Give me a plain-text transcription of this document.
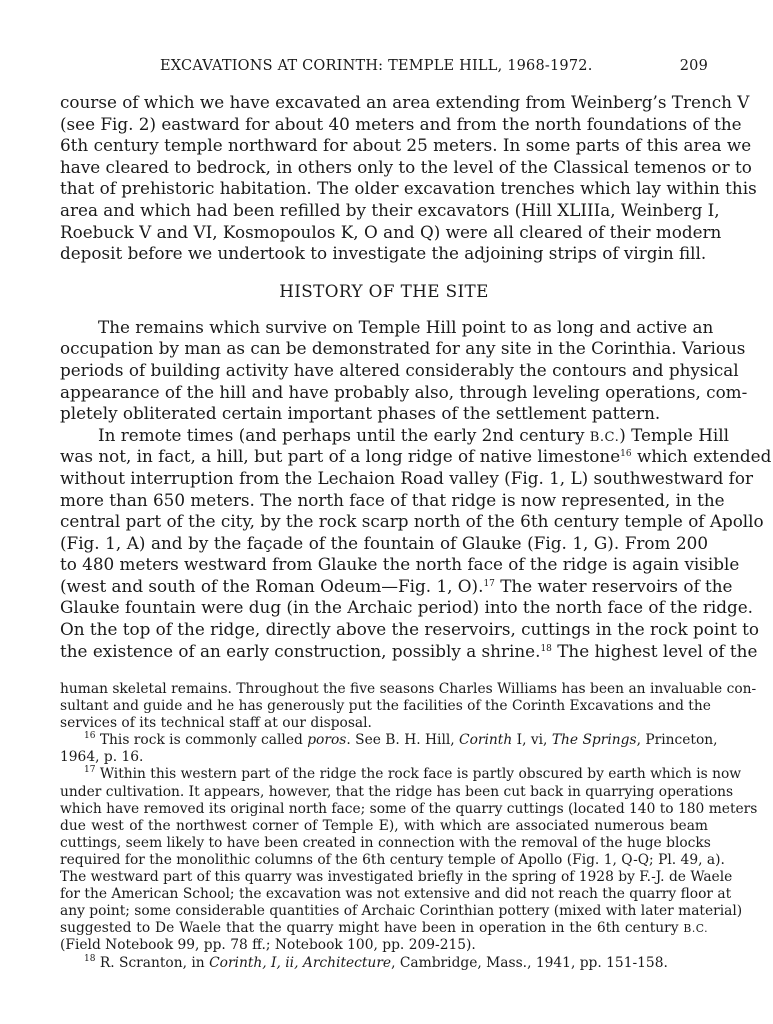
EXCAVATIONS AT CORINTH: TEMPLE HILL, 1968-1972.	209
course of which we have excavated an area extending from Weinberg’s Trench V
(see Fig. 2) eastward for about 40 meters and from the north foundations of the
6th century temple northward for about 25 meters. In some parts of this area we
have cleared to bedrock, in others only to the level of the Classical temenos or to
that of prehistoric habitation. The older excavation trenches which lay within this
area and which had been refilled by their excavators (Hill XLIIIa, Weinberg I,
Roebuck V and VI, Kosmopoulos K, O and Q) were all cleared of their modern
deposit before we undertook to investigate the adjoining strips of virgin fill.
HISTORY OF THE SITE
The remains which survive on Temple Hill point to as long and active an
occupation by man as can be demonstrated for any site in the Corinthia. Various
periods of building activity have altered considerably the contours and physical
appearance of the hill and have probably also, through leveling operations, com-
pletely obliterated certain important phases of the settlement pattern.
In remote times (and perhaps until the early 2nd century B.C.) Temple Hill
was not, in fact, a hill, but part of a long ridge of native limestone$^{16}$ which extended
without interruption from the Lechaion Road valley (Fig. 1, L) southwestward for
more than 650 meters. The north face of that ridge is now represented, in the
central part of the city, by the rock scarp north of the 6th century temple of Apollo
(Fig. 1, A) and by the façade of the fountain of Glauke (Fig. 1, G). From 200
to 480 meters westward from Glauke the north face of the ridge is again visible
(west and south of the Roman Odeum—Fig. 1, O).$^{17}$ The water reservoirs of the
Glauke fountain were dug (in the Archaic period) into the north face of the ridge.
On the top of the ridge, directly above the reservoirs, cuttings in the rock point to
the existence of an early construction, possibly a shrine.$^{18}$ The highest level of the
human skeletal remains. Throughout the five seasons Charles Williams has been an invaluable con-
sultant and guide and he has generously put the facilities of the Corinth Excavations and the
services of its technical staff at our disposal.
$^{16}$ This rock is commonly called poros. See B. H. Hill, Corinth I, vi, The Springs, Princeton,
1964, p. 16.
$^{17}$ Within this western part of the ridge the rock face is partly obscured by earth which is now
under cultivation. It appears, however, that the ridge has been cut back in quarrying operations
which have removed its original north face; some of the quarry cuttings (located 140 to 180 meters
due west of the northwest corner of Temple E), with which are associated numerous beam
cuttings, seem likely to have been created in connection with the removal of the huge blocks
required for the monolithic columns of the 6th century temple of Apollo (Fig. 1, Q-Q; Pl. 49, a).
The westward part of this quarry was investigated briefly in the spring of 1928 by F.-J. de Waele
for the American School; the excavation was not extensive and did not reach the quarry floor at
any point; some considerable quantities of Archaic Corinthian pottery (mixed with later material)
suggested to De Waele that the quarry might have been in operation in the 6th century B.C.
(Field Notebook 99, pp. 78 ff.; Notebook 100, pp. 209-215).
$^{18}$ R. Scranton, in Corinth, I, ii, Architecture, Cambridge, Mass., 1941, pp. 151-158.
